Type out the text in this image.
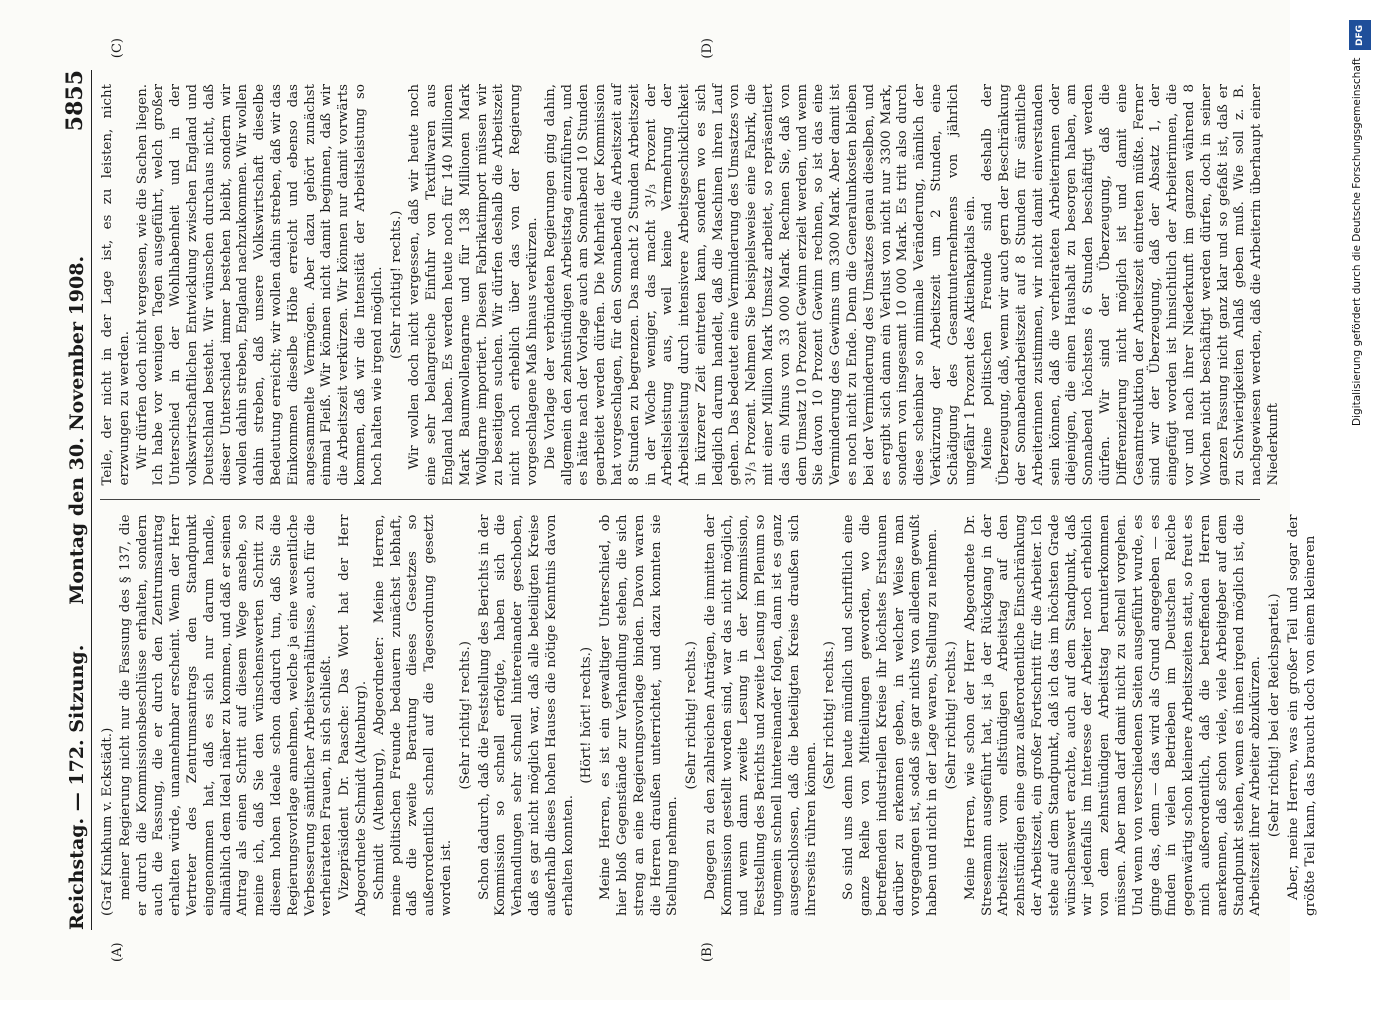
Reichstag. — 172. Sitzung.
Montag den 30. November 1908.
5855
(A)	(B)
(C)	(D)

(Graf Kinkhum v. Eckstädt.) meiner Regierung nicht nur die Fassung des § 137, die er durch die Kommissionsbeschlüsse erhalten, sondern auch die Fassung, die er durch den Zentrumsantrag erhalten würde, unannehmbar erscheint. Wenn der Herr Vertreter des Zentrumsantrags den Standpunkt eingenommen hat, daß es sich nur darum handle, allmählich dem Ideal näher zu kommen, und daß er seinen Antrag als einen Schritt auf diesem Wege ansehe, so meine ich, daß Sie den wünschenswerten Schritt zu diesem hohen Ideale schon dadurch tun, daß Sie die Regierungsvorlage annehmen, welche ja eine wesentliche Verbesserung sämtlicher Arbeitsverhältnisse, auch für die verheirateten Frauen, in sich schließt. Vizepräsident Dr. Paasche: Das Wort hat der Herr Abgeordnete Schmidt (Altenburg). Schmidt (Altenburg), Abgeordneter: Meine Herren, meine politischen Freunde bedauern zunächst lebhaft, daß die zweite Beratung dieses Gesetzes so außerordentlich schnell auf die Tagesordnung gesetzt worden ist.

(Sehr richtig! rechts.) Schon dadurch, daß die Feststellung des Berichts in der Kommission so schnell erfolgte, haben sich die Verhandlungen sehr schnell hintereinander geschoben, daß es gar nicht möglich war, daß alle beteiligten Kreise außerhalb dieses hohen Hauses die nötige Kenntnis davon erhalten konnten.

(Hört! hört! rechts.) Meine Herren, es ist ein gewaltiger Unterschied, ob hier bloß Gegenstände zur Verhandlung stehen, die sich streng an eine Regierungsvorlage binden. Davon waren die Herren draußen unterrichtet, und dazu konnten sie Stellung nehmen.

(Sehr richtig! rechts.) Dagegen zu den zahlreichen Anträgen, die inmitten der Kommission gestellt worden sind, war das nicht möglich, und wenn dann zweite Lesung in der Kommission, Feststellung des Berichts und zweite Lesung im Plenum so ungemein schnell hintereinander folgen, dann ist es ganz ausgeschlossen, daß die beteiligten Kreise draußen sich ihrerseits rühren können.

(Sehr richtig! rechts.) So sind uns denn heute mündlich und schriftlich eine ganze Reihe von Mitteilungen geworden, wo die betreffenden industriellen Kreise ihr höchstes Erstaunen darüber zu erkennen geben, in welcher Weise man vorgegangen ist, sodaß sie gar nichts von alledem gewußt haben und nicht in der Lage waren, Stellung zu nehmen. (Sehr richtig! rechts.) Meine Herren, wie schon der Herr Abgeordnete Dr. Stresemann ausgeführt hat, ist ja der Rückgang in der Arbeitszeit vom elfstündigen Arbeitstag auf den zehnstündigen eine ganz außerordentliche Einschränkung der Arbeitszeit, ein großer Fortschritt für die Arbeiter. Ich stehe auf dem Standpunkt, daß ich das im höchsten Grade wünschenswert erachte, auch auf dem Standpunkt, daß wir jedenfalls im Interesse der Arbeiter noch erheblich von dem zehnstündigen Arbeitstag herunterkommen müssen. Aber man darf damit nicht zu schnell vorgehen. Und wenn von verschiedenen Seiten ausgeführt wurde, es ginge das, denn — das wird als Grund angegeben — es finden in vielen Betrieben im Deutschen Reiche gegenwärtig schon kleinere Arbeitszeiten statt, so freut es mich außerordentlich, daß die betreffenden Herren anerkennen, daß schon viele, viele Arbeitgeber auf dem Standpunkt stehen, wenn es ihnen irgend möglich ist, die Arbeitszeit ihrer Arbeiter abzukürzen. (Sehr richtig! bei der Reichspartei.) Aber, meine Herren, was ein großer Teil und sogar der größte Teil kann, das braucht doch von einem kleineren

Teile, der nicht in der Lage ist, es zu leisten, nicht erzwungen zu werden. Wir dürfen doch nicht vergessen, wie die Sachen liegen. Ich habe vor wenigen Tagen ausgeführt, welch großer Unterschied in der Wohlhabenheit und in der volkswirtschaftlichen Entwicklung zwischen England und Deutschland besteht. Wir wünschen durchaus nicht, daß dieser Unterschied immer bestehen bleibt, sondern wir wollen dahin streben, England nachzukommen. Wir wollen dahin streben, daß unsere Volkswirtschaft dieselbe Bedeutung erreicht; wir wollen dahin streben, daß wir das Einkommen dieselbe Höhe erreicht und ebenso das angesammelte Vermögen. Aber dazu gehört zunächst einmal Fleiß. Wir können nicht damit beginnen, daß wir die Arbeitszeit verkürzen. Wir können nur damit vorwärts kommen, daß wir die Intensität der Arbeitsleistung so hoch halten wie irgend möglich. (Sehr richtig! rechts.) Wir wollen doch nicht vergessen, daß wir heute noch eine sehr belangreiche Einfuhr von Textilwaren aus England haben. Es werden heute noch für 140 Millionen Mark Baumwollengarne und für 138 Millionen Mark Wollgarne importiert. Diesen Fabrikatimport müssen wir zu beseitigen suchen. Wir dürfen deshalb die Arbeitszeit nicht noch erheblich über das von der Regierung vorgeschlagene Maß hinaus verkürzen. Die Vorlage der verbündeten Regierungen ging dahin, allgemein den zehnstündigen Arbeitstag einzuführen, und es hätte nach der Vorlage auch am Sonnabend 10 Stunden gearbeitet werden dürfen. Die Mehrheit der Kommission hat vorgeschlagen, für den Sonnabend die Arbeitszeit auf 8 Stunden zu begrenzen. Das macht 2 Stunden Arbeitszeit in der Woche weniger, das macht 3¹/₃ Prozent der Arbeitsleistung aus, weil keine Vermehrung der Arbeitsleistung durch intensivere Arbeitsgeschicklichkeit in kürzerer Zeit eintreten kann, sondern wo es sich lediglich darum handelt, daß die Maschinen ihren Lauf gehen. Das bedeutet eine Verminderung des Umsatzes von 3¹/₃ Prozent. Nehmen Sie beispielsweise eine Fabrik, die mit einer Million Mark Umsatz arbeitet, so repräsentiert das ein Minus von 33 000 Mark. Rechnen Sie, daß von dem Umsatz 10 Prozent Gewinn erzielt werden, und wenn Sie davon 10 Prozent Gewinn rechnen, so ist das eine Verminderung des Gewinns um 3300 Mark. Aber damit ist es noch nicht zu Ende. Denn die Generalunkosten bleiben bei der Verminderung des Umsatzes genau dieselben, und es ergibt sich dann ein Verlust von nicht nur 3300 Mark, sondern von insgesamt 10 000 Mark. Es tritt also durch diese scheinbar so minimale Veränderung, nämlich der Verkürzung der Arbeitszeit um 2 Stunden, eine Schädigung des Gesamtunternehmens von jährlich ungefähr 1 Prozent des Aktienkapitals ein. Meine politischen Freunde sind deshalb der Überzeugung, daß, wenn wir auch gern der Beschränkung der Sonnabendarbeitszeit auf 8 Stunden für sämtliche Arbeiterinnen zustimmen, wir nicht damit einverstanden sein können, daß die verheirateten Arbeiterinnen oder diejenigen, die einen Haushalt zu besorgen haben, am Sonnabend höchstens 6 Stunden beschäftigt werden dürfen. Wir sind der Überzeugung, daß die Differenzierung nicht möglich ist und damit eine Gesamtreduktion der Arbeitszeit eintreten müßte. Ferner sind wir der Überzeugung, daß der Absatz 1, der eingefügt worden ist hinsichtlich der Arbeiterinnen, die vor und nach ihrer Niederkunft im ganzen während 8 Wochen nicht beschäftigt werden dürfen, doch in seiner ganzen Fassung nicht ganz klar und so gefaßt ist, daß er zu Schwierigkeiten Anlaß geben muß. Wie soll z. B. nachgewiesen werden, daß die Arbeiterin überhaupt einer Niederkunft

DFG
Digitalisierung gefördert durch die Deutsche Forschungsgemeinschaft
